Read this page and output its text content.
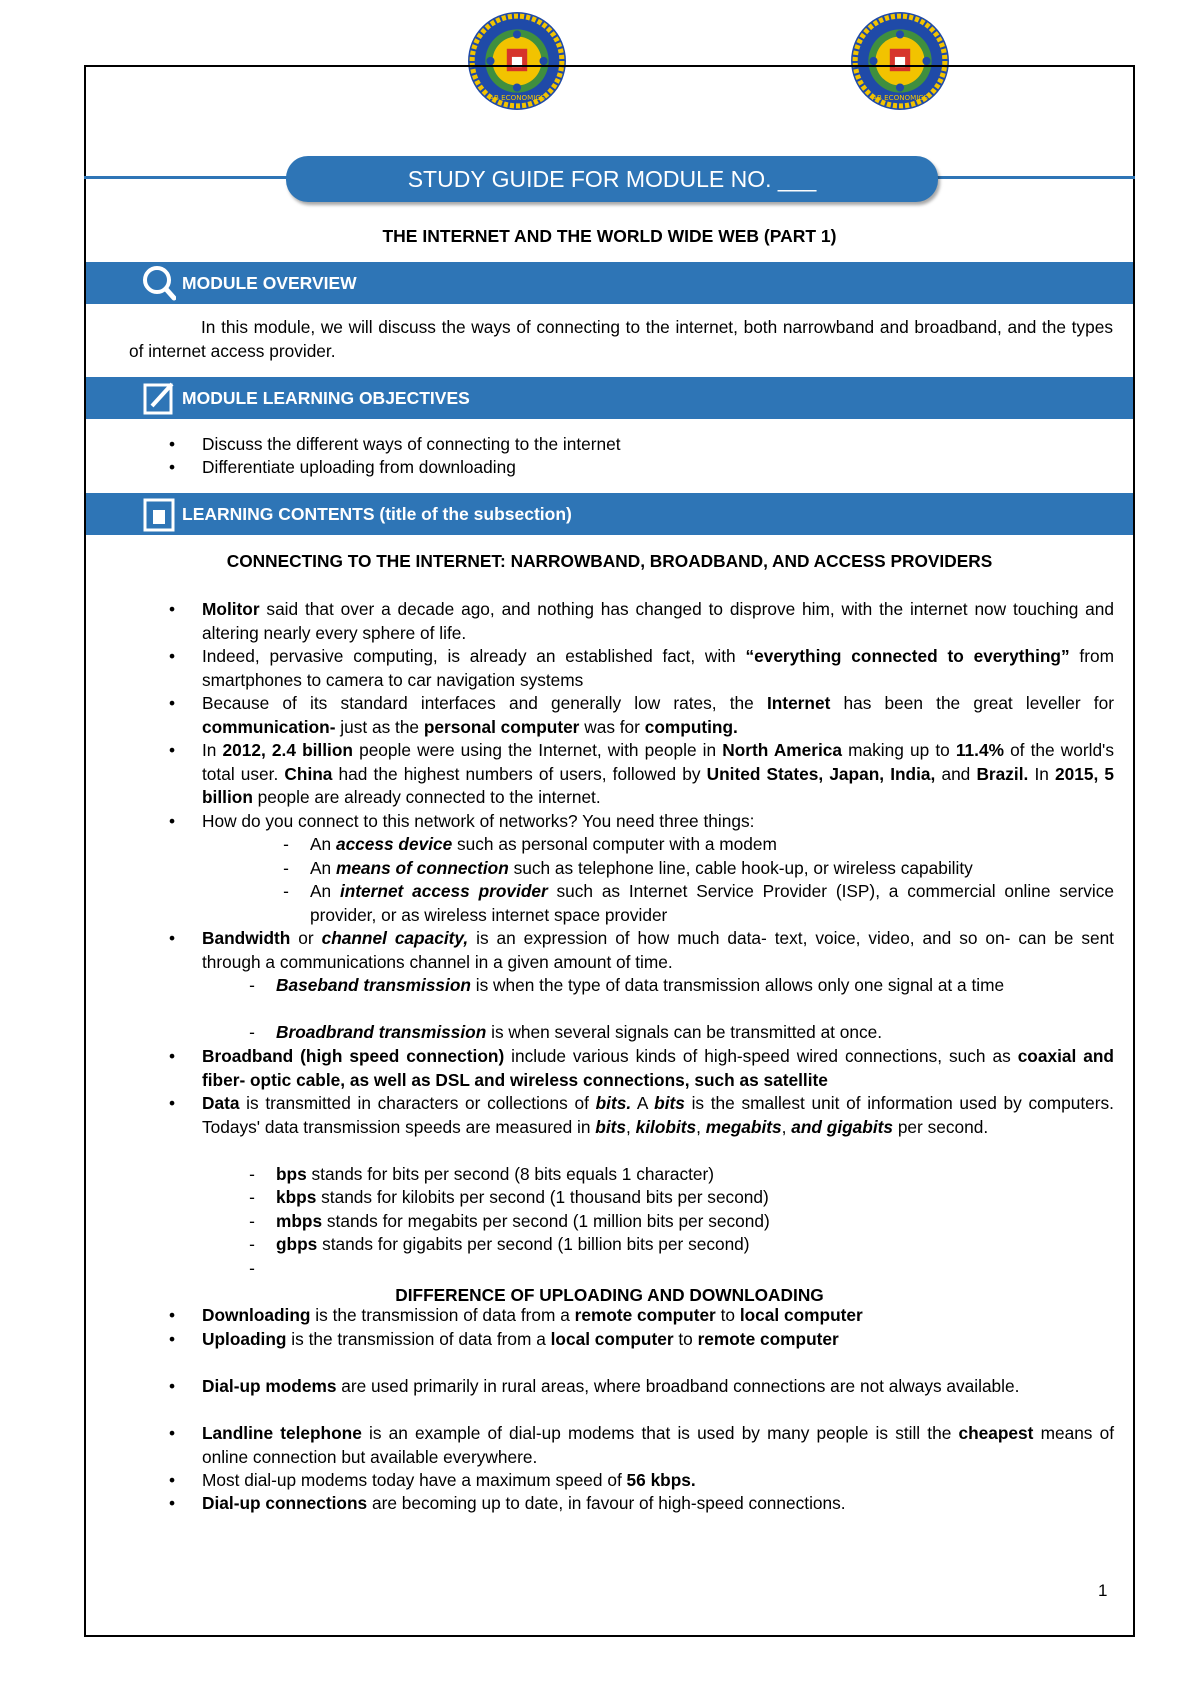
AB ECONOMICS	AB ECONOMICS
STUDY GUIDE FOR MODULE NO. ___
THE INTERNET AND THE WORLD WIDE WEB (PART 1)
MODULE OVERVIEW
In this module, we will discuss the ways of connecting to the internet, both narrowband and broadband, and the types of internet access provider.
MODULE LEARNING OBJECTIVES
• Discuss the different ways of connecting to the internet
• Differentiate uploading from downloading
LEARNING CONTENTS (title of the subsection)
CONNECTING TO THE INTERNET: NARROWBAND, BROADBAND, AND ACCESS PROVIDERS
• Molitor said that over a decade ago, and nothing has changed to disprove him, with the internet now touching and altering nearly every sphere of life.
• Indeed, pervasive computing, is already an established fact, with “everything connected to everything” from smartphones to camera to car navigation systems
• Because of its standard interfaces and generally low rates, the Internet has been the great leveller for communication- just as the personal computer was for computing.
• In 2012, 2.4 billion people were using the Internet, with people in North America making up to 11.4% of the world's total user. China had the highest numbers of users, followed by United States, Japan, India, and Brazil. In 2015, 5 billion people are already connected to the internet.
• How do you connect to this network of networks? You need three things:
- An access device such as personal computer with a modem
- An means of connection such as telephone line, cable hook-up, or wireless capability
- An internet access provider such as Internet Service Provider (ISP), a commercial online service provider, or as wireless internet space provider
• Bandwidth or channel capacity, is an expression of how much data- text, voice, video, and so on- can be sent through a communications channel in a given amount of time.
- Baseband transmission is when the type of data transmission allows only one signal at a time
- Broadbrand transmission is when several signals can be transmitted at once.
• Broadband (high speed connection) include various kinds of high-speed wired connections, such as coaxial and fiber- optic cable, as well as DSL and wireless connections, such as satellite
• Data is transmitted in characters or collections of bits. A bits is the smallest unit of information used by computers. Todays' data transmission speeds are measured in bits, kilobits, megabits, and gigabits per second.
- bps stands for bits per second (8 bits equals 1 character)
- kbps stands for kilobits per second (1 thousand bits per second)
- mbps stands for megabits per second (1 million bits per second)
- gbps stands for gigabits per second (1 billion bits per second)
-
DIFFERENCE OF UPLOADING AND DOWNLOADING
• Downloading is the transmission of data from a remote computer to local computer
• Uploading is the transmission of data from a local computer to remote computer
• Dial-up modems are used primarily in rural areas, where broadband connections are not always available.
• Landline telephone is an example of dial-up modems that is used by many people is still the cheapest means of online connection but available everywhere.
• Most dial-up modems today have a maximum speed of 56 kbps.
• Dial-up connections are becoming up to date, in favour of high-speed connections.
1
